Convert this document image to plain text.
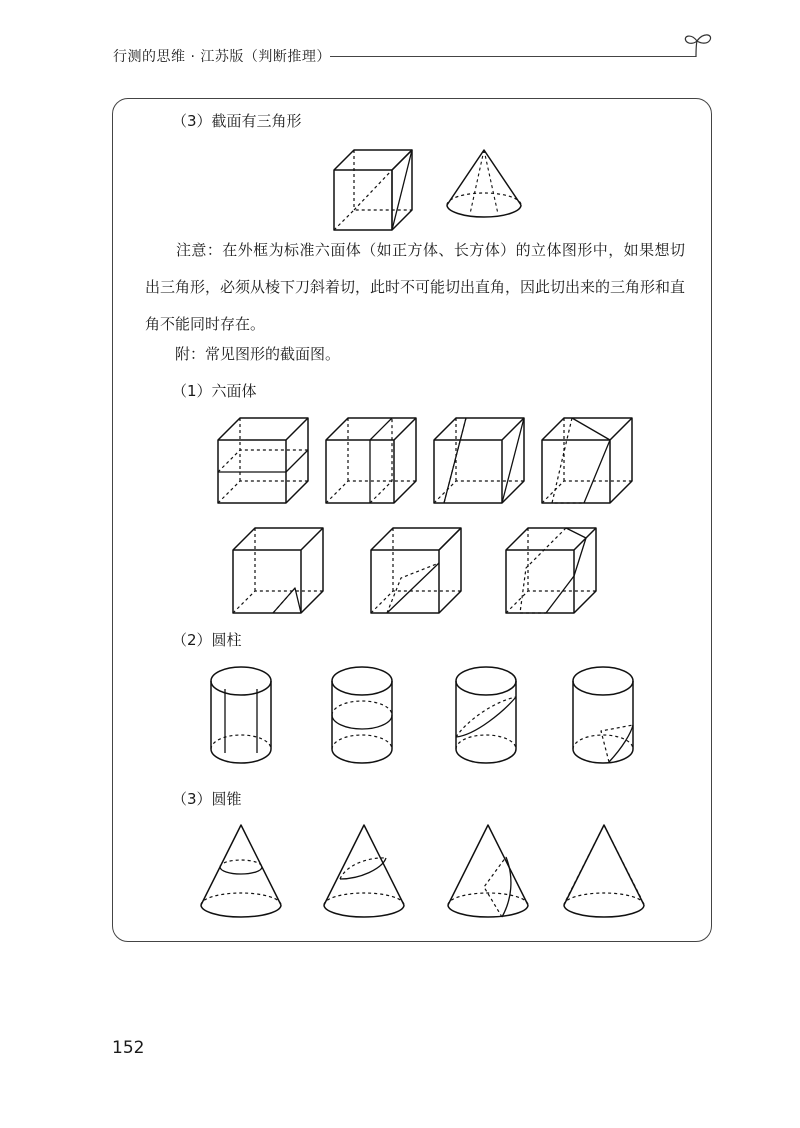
行测的思维 · 江苏版（判断推理）
（3）截面有三角形
注意：在外框为标准六面体（如正方体、长方体）的立体图形中，如果想切出三角形，必须从棱下刀斜着切，此时不可能切出直角，因此切出来的三角形和直角不能同时存在。
附：常见图形的截面图。
（1）六面体
（2）圆柱
（3）圆锥
152
